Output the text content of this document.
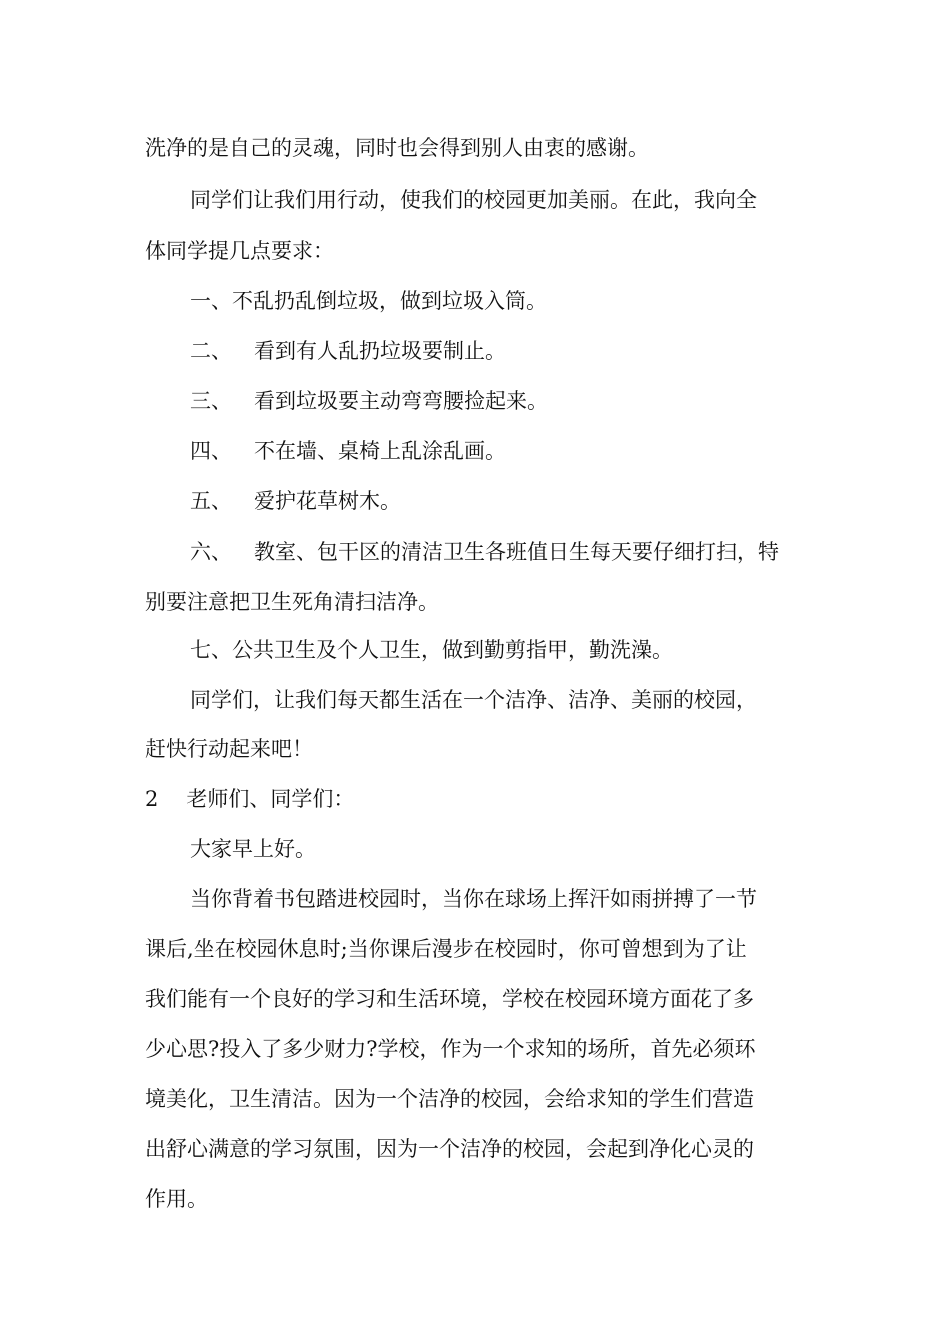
洗净的是自己的灵魂，同时也会得到别人由衷的感谢。
同学们让我们用行动，使我们的校园更加美丽。在此，我向全
体同学提几点要求：
一、不乱扔乱倒垃圾，做到垃圾入筒。
二、 看到有人乱扔垃圾要制止。
三、 看到垃圾要主动弯弯腰捡起来。
四、 不在墙、桌椅上乱涂乱画。
五、 爱护花草树木。
六、 教室、包干区的清洁卫生各班值日生每天要仔细打扫，特
别要注意把卫生死角清扫洁净。
七、公共卫生及个人卫生，做到勤剪指甲，勤洗澡。
同学们，让我们每天都生活在一个洁净、洁净、美丽的校园，
赶快行动起来吧！
2 老师们、同学们：
大家早上好。
当你背着书包踏进校园时，当你在球场上挥汗如雨拼搏了一节
课后,坐在校园休息时;当你课后漫步在校园时，你可曾想到为了让
我们能有一个良好的学习和生活环境，学校在校园环境方面花了多
少心思?投入了多少财力?学校，作为一个求知的场所，首先必须环
境美化，卫生清洁。因为一个洁净的校园，会给求知的学生们营造
出舒心满意的学习氛围，因为一个洁净的校园，会起到净化心灵的
作用。
